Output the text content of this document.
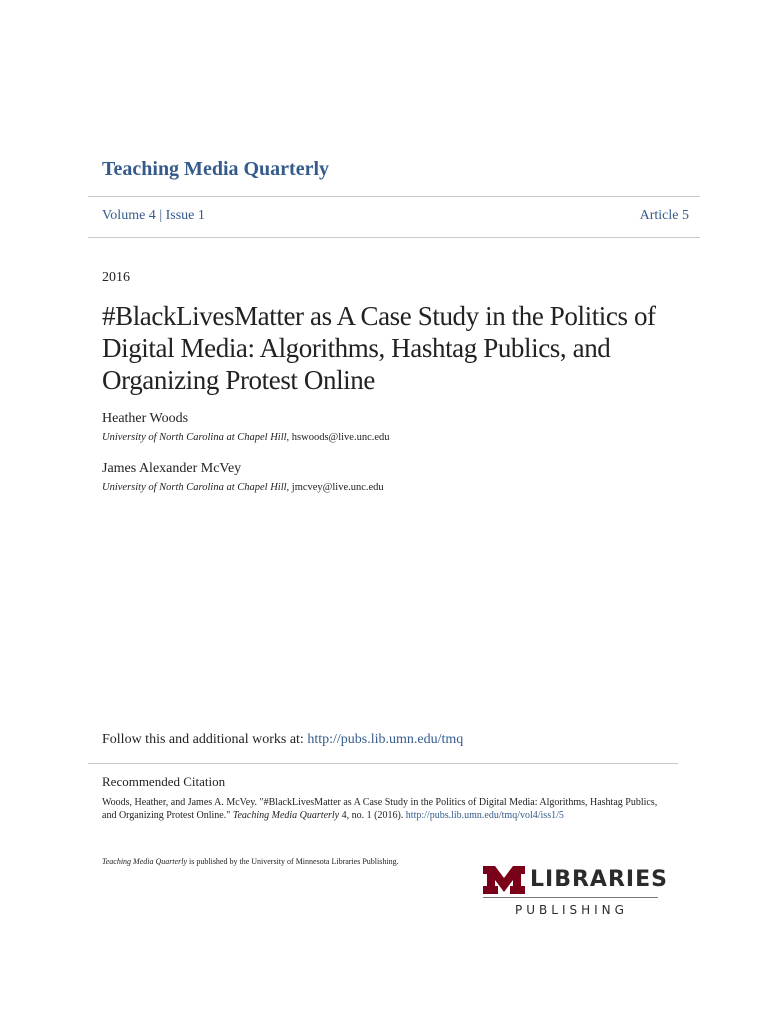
Teaching Media Quarterly
Volume 4 | Issue 1	Article 5
2016
#BlackLivesMatter as A Case Study in the Politics of Digital Media: Algorithms, Hashtag Publics, and Organizing Protest Online
Heather Woods
University of North Carolina at Chapel Hill, hswoods@live.unc.edu
James Alexander McVey
University of North Carolina at Chapel Hill, jmcvey@live.unc.edu
Follow this and additional works at: http://pubs.lib.umn.edu/tmq
Recommended Citation
Woods, Heather, and James A. McVey. "#BlackLivesMatter as A Case Study in the Politics of Digital Media: Algorithms, Hashtag Publics, and Organizing Protest Online." Teaching Media Quarterly 4, no. 1 (2016). http://pubs.lib.umn.edu/tmq/vol4/iss1/5
Teaching Media Quarterly is published by the University of Minnesota Libraries Publishing.
LIBRARIES
PUBLISHING
